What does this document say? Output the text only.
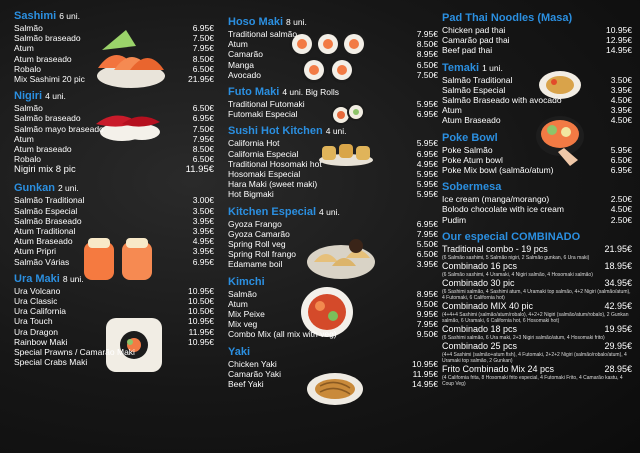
Sashimi 6 uni.
Salmão	6.95€
Salmão braseado	7.50€
Atum	7.95€
Atum braseado	8.50€
Robalo	6.50€
Mix Sashimi 20 pic	21.95€
Nigiri 4 uni.
Salmão	6.50€
Salmão braseado	6.95€
Salmão mayo braseado	7.50€
Atum	7.95€
Atum braseado	8.50€
Robalo	6.50€
Nigiri mix 8 pic	11.95€
Gunkan 2 uni.
Salmão Traditional	3.00€
Salmão Especial	3.50€
Salmão Braseado	3.95€
Atum Traditional	3.95€
Atum Braseado	4.95€
Atum Pripri	3.95€
Salmão Várias	6.95€
Ura Maki 8 uni.
Ura Volcano	10.95€
Ura Classic	10.50€
Ura California	10.50€
Ura Touch	10.95€
Ura Dragon	11.95€
Rainbow Maki	10.95€
Special Prawns / Camarão Maki
Special Crabs Maki
Hoso Maki 8 uni.
Traditional salmão	7.95€
Atum	8.50€
Camarão	8.95€
Manga	6.50€
Avocado	7.50€
Futo Maki 4 uni. Big Rolls
Traditional Futomaki	5.95€
Futomaki Especial	6.95€
Sushi Hot Kitchen 4 uni.
California Hot	5.95€
California Especial	6.95€
Traditional Hosomaki hot	4.95€
Hosomaki Especial	5.95€
Hara Maki (sweet maki)	5.95€
Hot Bigmaki	5.95€
Kitchen Especial 4 uni.
Gyoza Frango	6.95€
Gyoza Camarão	7.95€
Spring Roll veg	5.50€
Spring Roll frango	6.50€
Edamame boil	3.95€
Kimchi
Salmão	8.95€
Atum	9.50€
Mix Peixe	9.95€
Mix veg	7.95€
Combo Mix (all mix with veg)	9.50€
Yaki
Chicken Yaki	10.95€
Camarão Yaki	11.95€
Beef Yaki	14.95€
Pad Thai Noodles (Masa)
Chicken pad thai	10.95€
Camarão pad thai	12.95€
Beef pad thai	14.95€
Temaki 1 uni.
Salmão Traditional	3.50€
Salmão Especial	3.95€
Salmão Braseado with avocado	4.50€
Atum	3.95€
Atum Braseado	4.50€
Poke Bowl
Poke Salmão	5.95€
Poke Atum bowl	6.50€
Poke Mix bowl (salmão/atum)	6.95€
Sobermesa
Ice cream (manga/morango)	2.50€
Bolodo chocolate with ice cream	4.50€
Pudim	2.50€
Our especial COMBINADO
Traditional combo - 19 pcs	21.95€
(6 Salmão sashimi, 5 Salmão nigiri, 2 Salmão gunkan, 6 Ura maki)
Combinado 16 pcs	18.95€
(6 Salmão sashimi, 4 Uramaki, 4 Nigiri salmão, 4 Hosomaki salmão)
Combinado 30 pic	34.95€
(6 Sashimi salmão, 4 Sashimi atum, 4 Uramaki top salmão, 4+2 Nigiri (salmão/atum), 4 Futomaki, 6 California hot)
Combinado MIX 40 pic	42.95€
(4+4+4 Sashimi (salmão/atum/robalo), 4+2+2 Nigiri (salmão/atum/robalo), 2 Gunkan salmão, 6 Uramaki, 6 California hot, 6 Hosomaki hot)
Combinado 18 pcs	19.95€
(6 Sashimi salmão, 6 Ura maki, 2+3 Nigiri salmão/atum, 4 Hosomaki frito)
Combinado 25 pcs	29.95€
(4+4 Sashimi (salmão+atum fish), 4 Futomaki, 2+2+2 Nigiri (salmão/robalo/atum), 4 Uramaki top salmão, 2 Gunkan)
Frito Combinado Mix 24 pcs	28.95€
(4 California frita, 8 Hosomaki frito especial, 4 Futomaki Frito, 4 Camarão kastu, 4 Coup Veg)
